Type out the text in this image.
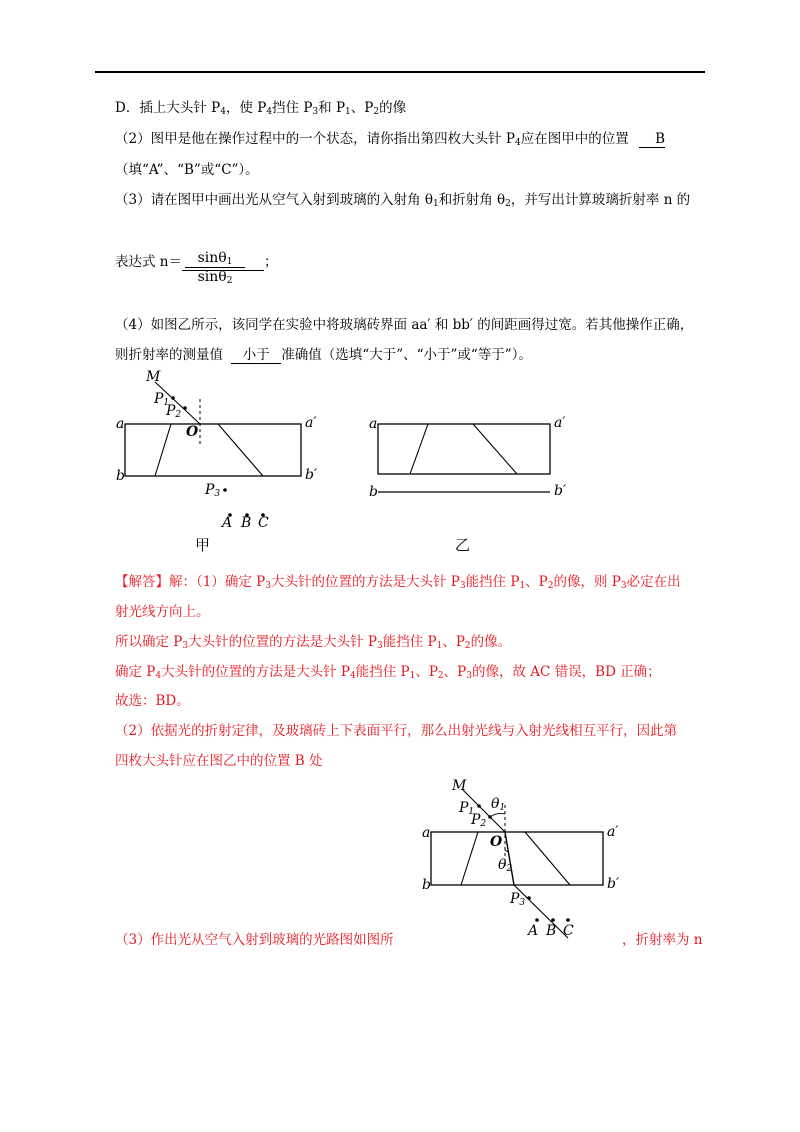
D．插上大头针 $P_4$，使 $P_4$挡住 $P_3$和 $P_1$、$P_2$的像
（2）图甲是他在操作过程中的一个状态，请你指出第四枚大头针 $P_4$应在图甲中的位置 B
（填“A”、“B”或“C”）。
（3）请在图甲中画出光从空气入射到玻璃的入射角 $\theta_1$和折射角 $\theta_2$，并写出计算玻璃折射率 n 的
表达式 n＝	；
$\frac{\sin\theta_1}{\sin\theta_2}$
（4）如图乙所示，该同学在实验中将玻璃砖界面 aa′ 和 bb′ 的间距画得过宽。若其他操作正确，
则折射率的测量值 小于 准确值（选填“大于”、“小于”或“等于”）。
M
$P_1$
$P_2$
O
a	a′
b	b′
$P_3$
A B C
甲
a	a′
b	b′
乙
【解答】解：（1）确定 $P_3$大头针的位置的方法是大头针 $P_3$能挡住 $P_1$、$P_2$的像，则 $P_3$必定在出
射光线方向上。
所以确定 $P_3$大头针的位置的方法是大头针 $P_3$能挡住 $P_1$、$P_2$的像。
确定 $P_4$大头针的位置的方法是大头针 $P_4$能挡住 $P_1$、$P_2$、$P_3$的像，故 AC 错误，BD 正确；
故选：BD。
（2）依据光的折射定律，及玻璃砖上下表面平行，那么出射光线与入射光线相互平行，因此第
四枚大头针应在图乙中的位置 B 处
M
$P_1$
$P_2$
$\theta_1$
O
$\theta_2$
a	a′
b	b′
$P_3$
A B C
（3）作出光从空气入射到玻璃的光路图如图所	，折射率为 n
